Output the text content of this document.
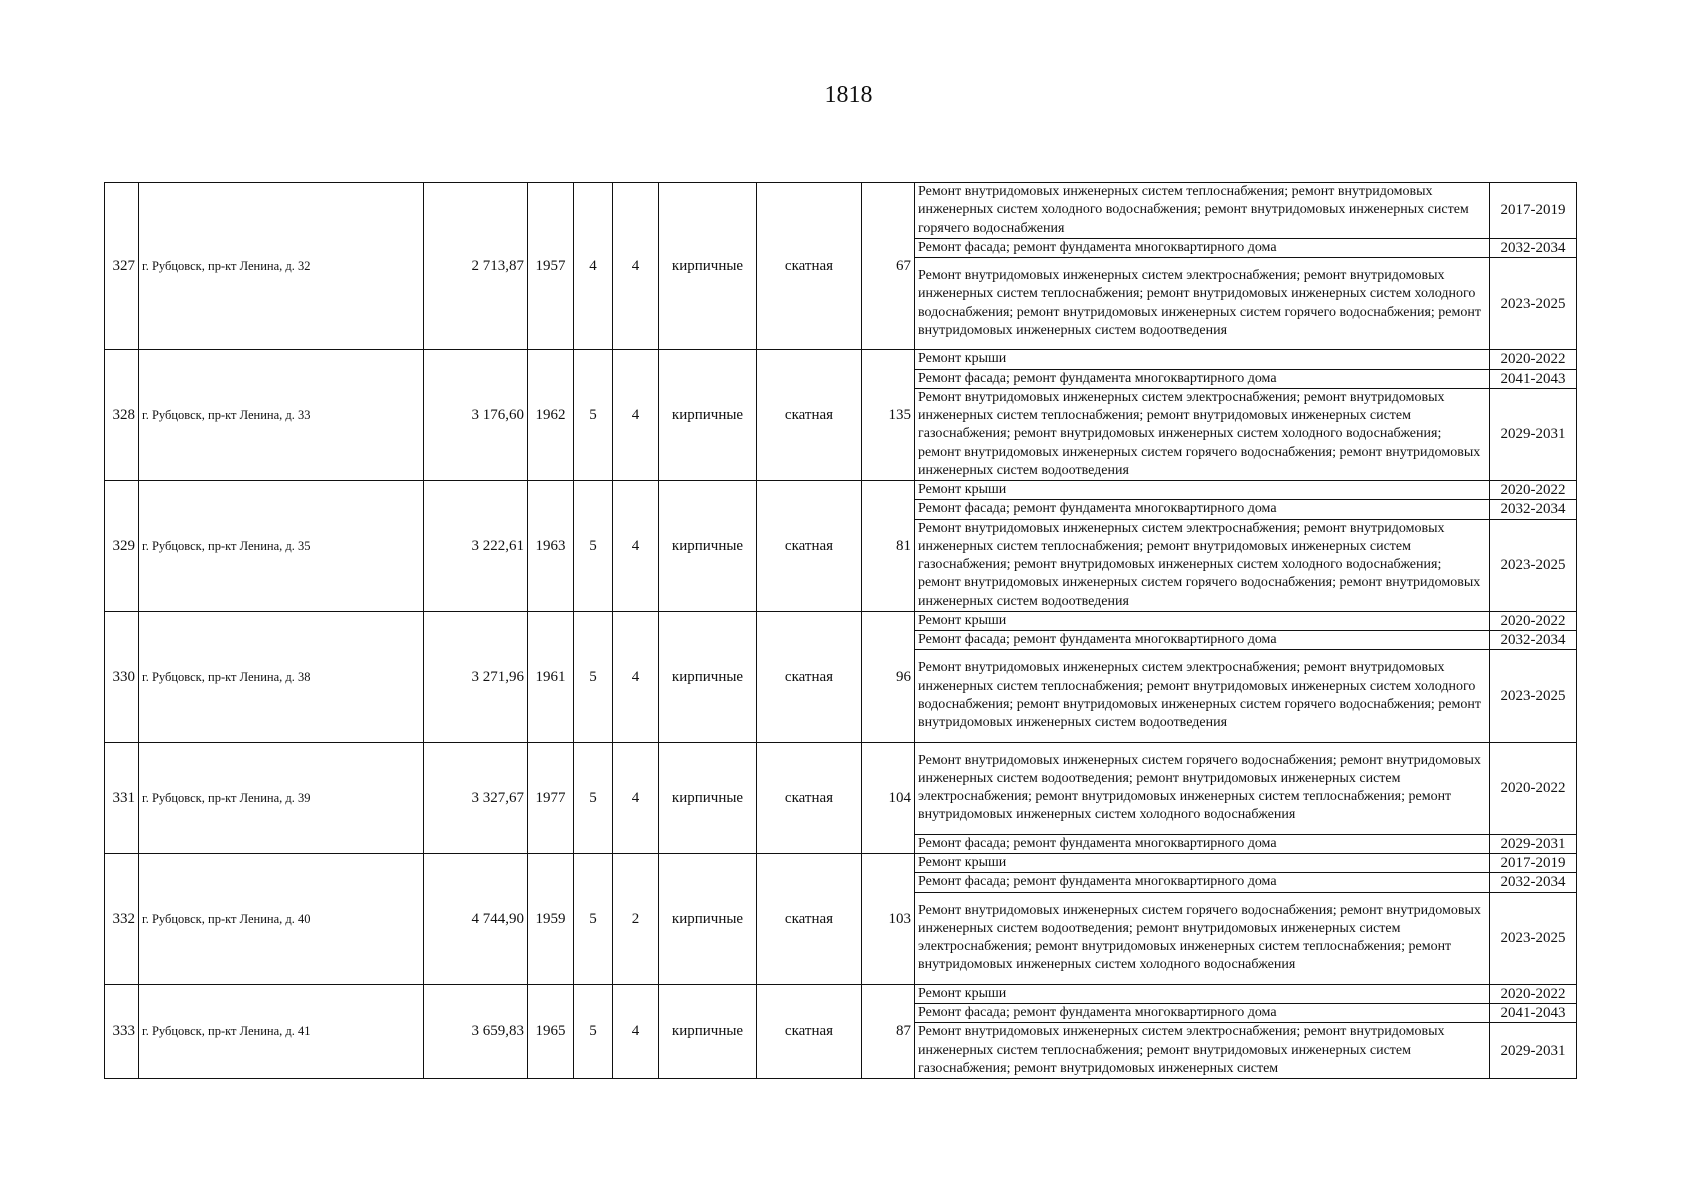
1818
327	г. Рубцовск, пр-кт Ленина, д. 32	2 713,87	1957	4	4	кирпичные	скатная	67	Ремонт внутридомовых инженерных систем теплоснабжения; ремонт внутридомовых инженерных систем холодного водоснабжения; ремонт внутридомовых инженерных систем горячего водоснабжения	2017-2019
									Ремонт фасада; ремонт фундамента многоквартирного дома	2032-2034
									Ремонт внутридомовых инженерных систем электроснабжения; ремонт внутридомовых инженерных систем теплоснабжения; ремонт внутридомовых инженерных систем холодного водоснабжения; ремонт внутридомовых инженерных систем горячего водоснабжения; ремонт внутридомовых инженерных систем водоотведения	2023-2025
328	г. Рубцовск, пр-кт Ленина, д. 33	3 176,60	1962	5	4	кирпичные	скатная	135	Ремонт крыши	2020-2022
									Ремонт фасада; ремонт фундамента многоквартирного дома	2041-2043
									Ремонт внутридомовых инженерных систем электроснабжения; ремонт внутридомовых инженерных систем теплоснабжения; ремонт внутридомовых инженерных систем газоснабжения; ремонт внутридомовых инженерных систем холодного водоснабжения; ремонт внутридомовых инженерных систем горячего водоснабжения; ремонт внутридомовых инженерных систем водоотведения	2029-2031
329	г. Рубцовск, пр-кт Ленина, д. 35	3 222,61	1963	5	4	кирпичные	скатная	81	Ремонт крыши	2020-2022
									Ремонт фасада; ремонт фундамента многоквартирного дома	2032-2034
									Ремонт внутридомовых инженерных систем электроснабжения; ремонт внутридомовых инженерных систем теплоснабжения; ремонт внутридомовых инженерных систем газоснабжения; ремонт внутридомовых инженерных систем холодного водоснабжения; ремонт внутридомовых инженерных систем горячего водоснабжения; ремонт внутридомовых инженерных систем водоотведения	2023-2025
330	г. Рубцовск, пр-кт Ленина, д. 38	3 271,96	1961	5	4	кирпичные	скатная	96	Ремонт крыши	2020-2022
									Ремонт фасада; ремонт фундамента многоквартирного дома	2032-2034
									Ремонт внутридомовых инженерных систем электроснабжения; ремонт внутридомовых инженерных систем теплоснабжения; ремонт внутридомовых инженерных систем холодного водоснабжения; ремонт внутридомовых инженерных систем горячего водоснабжения; ремонт внутридомовых инженерных систем водоотведения	2023-2025
331	г. Рубцовск, пр-кт Ленина, д. 39	3 327,67	1977	5	4	кирпичные	скатная	104	Ремонт внутридомовых инженерных систем горячего водоснабжения; ремонт внутридомовых инженерных систем водоотведения; ремонт внутридомовых инженерных систем электроснабжения; ремонт внутридомовых инженерных систем теплоснабжения; ремонт внутридомовых инженерных систем холодного водоснабжения	2020-2022
									Ремонт фасада; ремонт фундамента многоквартирного дома	2029-2031
332	г. Рубцовск, пр-кт Ленина, д. 40	4 744,90	1959	5	2	кирпичные	скатная	103	Ремонт крыши	2017-2019
									Ремонт фасада; ремонт фундамента многоквартирного дома	2032-2034
									Ремонт внутридомовых инженерных систем горячего водоснабжения; ремонт внутридомовых инженерных систем водоотведения; ремонт внутридомовых инженерных систем электроснабжения; ремонт внутридомовых инженерных систем теплоснабжения; ремонт внутридомовых инженерных систем холодного водоснабжения	2023-2025
333	г. Рубцовск, пр-кт Ленина, д. 41	3 659,83	1965	5	4	кирпичные	скатная	87	Ремонт крыши	2020-2022
									Ремонт фасада; ремонт фундамента многоквартирного дома	2041-2043
									Ремонт внутридомовых инженерных систем электроснабжения; ремонт внутридомовых инженерных систем теплоснабжения; ремонт внутридомовых инженерных систем газоснабжения; ремонт внутридомовых инженерных систем	2029-2031
